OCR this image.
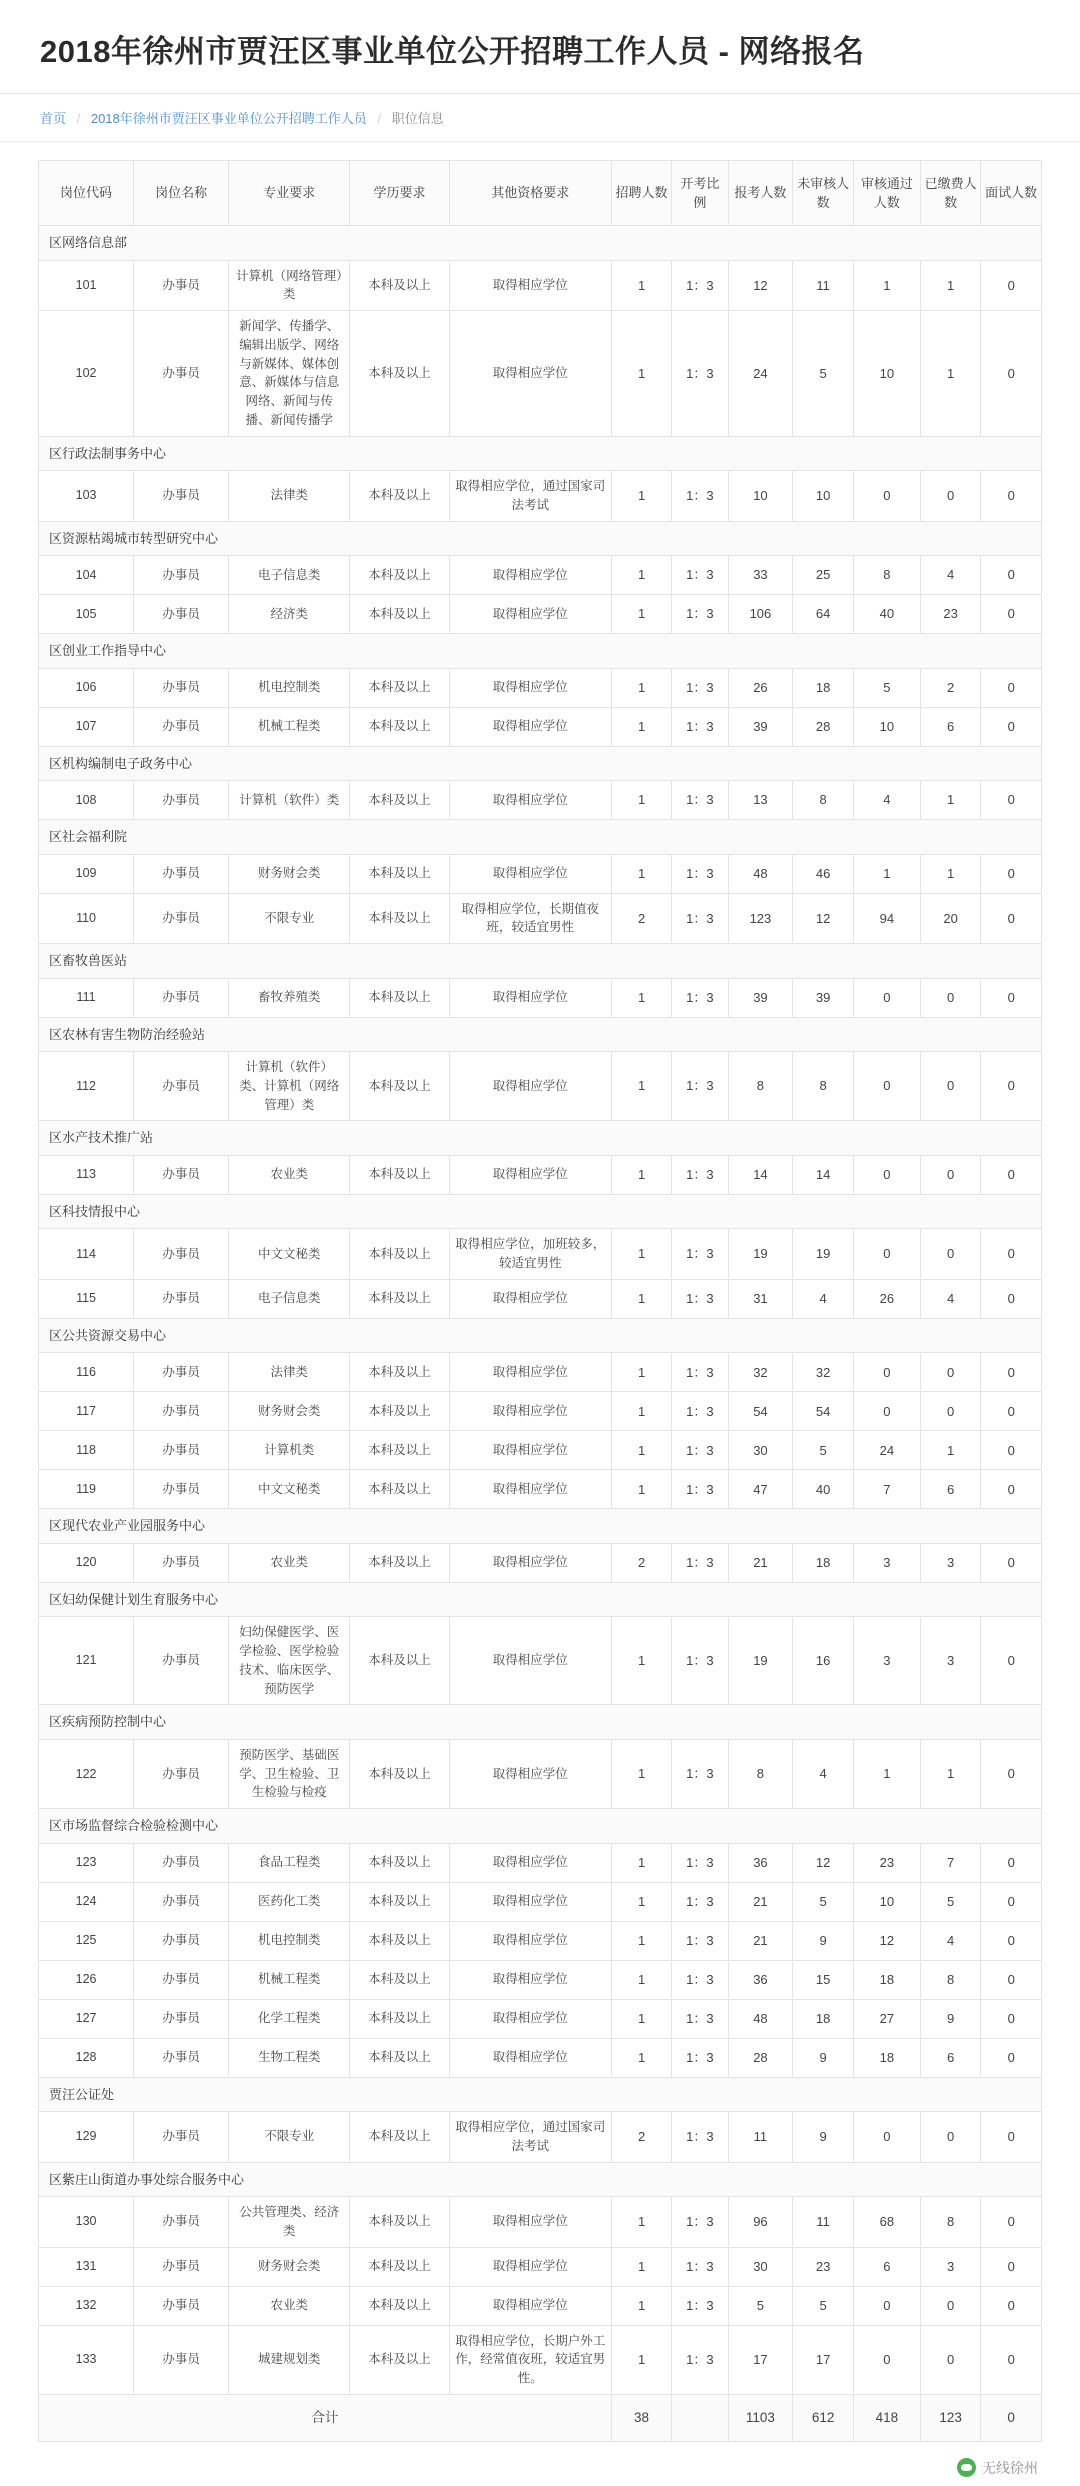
2018年徐州市贾汪区事业单位公开招聘工作人员 - 网络报名
首页 / 2018年徐州市贾汪区事业单位公开招聘工作人员 / 职位信息
岗位代码	岗位名称	专业要求	学历要求	其他资格要求	招聘人数	开考比例	报考人数	未审核人数	审核通过人数	已缴费人数	面试人数
区网络信息部											
101	办事员	计算机（网络管理）类	本科及以上	取得相应学位	1	1：3	12	11	1	1	0
102	办事员	新闻学、传播学、编辑出版学、网络与新媒体、媒体创意、新媒体与信息网络、新闻与传播、新闻传播学	本科及以上	取得相应学位	1	1：3	24	5	10	1	0
区行政法制事务中心											
103	办事员	法律类	本科及以上	取得相应学位，通过国家司法考试	1	1：3	10	10	0	0	0
区资源枯竭城市转型研究中心											
104	办事员	电子信息类	本科及以上	取得相应学位	1	1：3	33	25	8	4	0
105	办事员	经济类	本科及以上	取得相应学位	1	1：3	106	64	40	23	0
区创业工作指导中心											
106	办事员	机电控制类	本科及以上	取得相应学位	1	1：3	26	18	5	2	0
107	办事员	机械工程类	本科及以上	取得相应学位	1	1：3	39	28	10	6	0
区机构编制电子政务中心											
108	办事员	计算机（软件）类	本科及以上	取得相应学位	1	1：3	13	8	4	1	0
区社会福利院											
109	办事员	财务财会类	本科及以上	取得相应学位	1	1：3	48	46	1	1	0
110	办事员	不限专业	本科及以上	取得相应学位，长期值夜班，较适宜男性	2	1：3	123	12	94	20	0
区畜牧兽医站											
111	办事员	畜牧养殖类	本科及以上	取得相应学位	1	1：3	39	39	0	0	0
区农林有害生物防治经验站											
112	办事员	计算机（软件）类、计算机（网络管理）类	本科及以上	取得相应学位	1	1：3	8	8	0	0	0
区水产技术推广站											
113	办事员	农业类	本科及以上	取得相应学位	1	1：3	14	14	0	0	0
区科技情报中心											
114	办事员	中文文秘类	本科及以上	取得相应学位，加班较多，较适宜男性	1	1：3	19	19	0	0	0
115	办事员	电子信息类	本科及以上	取得相应学位	1	1：3	31	4	26	4	0
区公共资源交易中心											
116	办事员	法律类	本科及以上	取得相应学位	1	1：3	32	32	0	0	0
117	办事员	财务财会类	本科及以上	取得相应学位	1	1：3	54	54	0	0	0
118	办事员	计算机类	本科及以上	取得相应学位	1	1：3	30	5	24	1	0
119	办事员	中文文秘类	本科及以上	取得相应学位	1	1：3	47	40	7	6	0
区现代农业产业园服务中心											
120	办事员	农业类	本科及以上	取得相应学位	2	1：3	21	18	3	3	0
区妇幼保健计划生育服务中心											
121	办事员	妇幼保健医学、医学检验、医学检验技术、临床医学、预防医学	本科及以上	取得相应学位	1	1：3	19	16	3	3	0
区疾病预防控制中心											
122	办事员	预防医学、基础医学、卫生检验、卫生检验与检疫	本科及以上	取得相应学位	1	1：3	8	4	1	1	0
区市场监督综合检验检测中心											
123	办事员	食品工程类	本科及以上	取得相应学位	1	1：3	36	12	23	7	0
124	办事员	医药化工类	本科及以上	取得相应学位	1	1：3	21	5	10	5	0
125	办事员	机电控制类	本科及以上	取得相应学位	1	1：3	21	9	12	4	0
126	办事员	机械工程类	本科及以上	取得相应学位	1	1：3	36	15	18	8	0
127	办事员	化学工程类	本科及以上	取得相应学位	1	1：3	48	18	27	9	0
128	办事员	生物工程类	本科及以上	取得相应学位	1	1：3	28	9	18	6	0
贾汪公证处											
129	办事员	不限专业	本科及以上	取得相应学位，通过国家司法考试	2	1：3	11	9	0	0	0
区紫庄山街道办事处综合服务中心											
130	办事员	公共管理类、经济类	本科及以上	取得相应学位	1	1：3	96	11	68	8	0
131	办事员	财务财会类	本科及以上	取得相应学位	1	1：3	30	23	6	3	0
132	办事员	农业类	本科及以上	取得相应学位	1	1：3	5	5	0	0	0
133	办事员	城建规划类	本科及以上	取得相应学位，长期户外工作，经常值夜班，较适宜男性。	1	1：3	17	17	0	0	0
合计					38		1103	612	418	123	0
无线徐州
